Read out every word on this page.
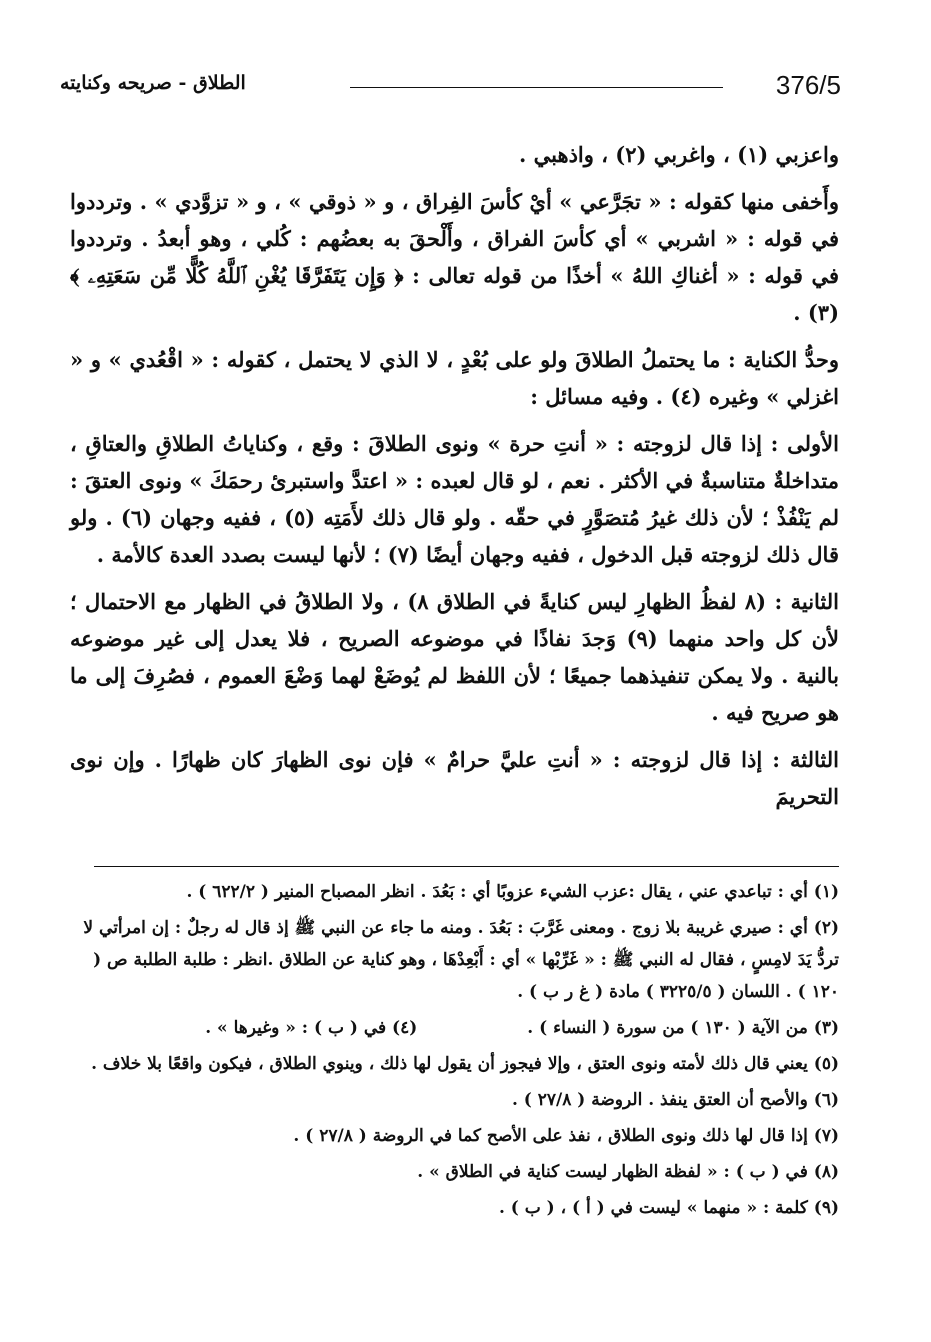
376/5
الطلاق - صريحه وكنايته

واعزبي (١) ، واغربي (٢) ، واذهبي .

وأَخفى منها كقوله : « تجَرَّعي » أيْ كأسَ الفِراق ، و « ذوقي » ، و « تزوَّدي » . وترددوا في قوله : « اشربي » أي كأسَ الفراق ، وأَلْحقَ به بعضُهم : كُلي ، وهو أبعدُ . وترددوا في قوله : « أغناكِ اللهُ » أخذًا من قوله تعالى : ﴿ وَإِن يَتَفَرَّقَا يُغْنِ ٱللَّهُ كُلًّا مِّن سَعَتِهِۦ ﴾ (٣) .

وحدُّ الكناية : ما يحتملُ الطلاقَ ولو على بُعْدٍ ، لا الذي لا يحتمل ، كقوله : « اقْعُدي » و « اغزلي » وغيره (٤) . وفيه مسائل :

الأولى : إذا قال لزوجته : « أنتِ حرة » ونوى الطلاقَ : وقع ، وكناياتُ الطلاقِ والعتاقِ ، متداخلةٌ متناسبةٌ في الأكثر . نعم ، لو قال لعبده : « اعتدَّ واستبرئ رحمَكَ » ونوى العتقَ : لم يَنْفُذْ ؛ لأن ذلك غيرُ مُتصَوَّرٍ في حقّه . ولو قال ذلك لأَمَتِه (٥) ، ففيه وجهان (٦) . ولو قال ذلك لزوجته قبل الدخول ، ففيه وجهان أيضًا (٧) ؛ لأنها ليست بصدد العدة كالأمة .

الثانية : (٨ لفظُ الظهارِ ليس كنايةً في الطلاق ٨) ، ولا الطلاقُ في الظهار مع الاحتمال ؛ لأن كل واحد منهما (٩) وَجدَ نفاذًا في موضوعه الصريح ، فلا يعدل إلى غير موضوعه بالنية . ولا يمكن تنفيذهما جميعًا ؛ لأن اللفظ لم يُوضَعْ لهما وَضْعَ العموم ، فصُرِفَ إلى ما هو صريح فيه .

الثالثة : إذا قال لزوجته : « أنتِ عليَّ حرامٌ » فإن نوى الظهارَ كان ظهارًا . وإن نوى التحريمَ

(١) أي : تباعدي عني ، يقال :عزب الشيء عزوبًا أي : بَعُدَ . انظر المصباح المنير ( ٦٢٢/٢ ) .

(٢) أي : صيري غريبة بلا زوج . ومعنى غَرَّبَ : بَعُدَ . ومنه ما جاء عن النبي ﷺ إذ قال له رجلٌ : إن امرأتي لا تردُّ يَدَ لامِسٍ ، فقال له النبي ﷺ : « غَرِّبْها » أي : أَبْعِدْهَا ، وهو كناية عن الطلاق .انظر : طلبة الطلبة ص ( ١٢٠ ) . اللسان ( ٣٢٢٥/٥ ) مادة ( غ ر ب ) .

(٣) من الآية ( ١٣٠ ) من سورة ( النساء ) .

(٤) في ( ب ) : « وغيرها » .

(٥) يعني قال ذلك لأمته ونوى العتق ، وإلا فيجوز أن يقول لها ذلك ، وينوي الطلاق ، فيكون واقعًا بلا خلاف .

(٦) والأصح أن العتق ينفذ . الروضة ( ٢٧/٨ ) .

(٧) إذا قال لها ذلك ونوى الطلاق ، نفذ على الأصح كما في الروضة ( ٢٧/٨ ) .

(٨) في ( ب ) : « لفظة الظهار ليست كناية في الطلاق » .

(٩) كلمة : « منهما » ليست في ( أ ) ، ( ب ) .
